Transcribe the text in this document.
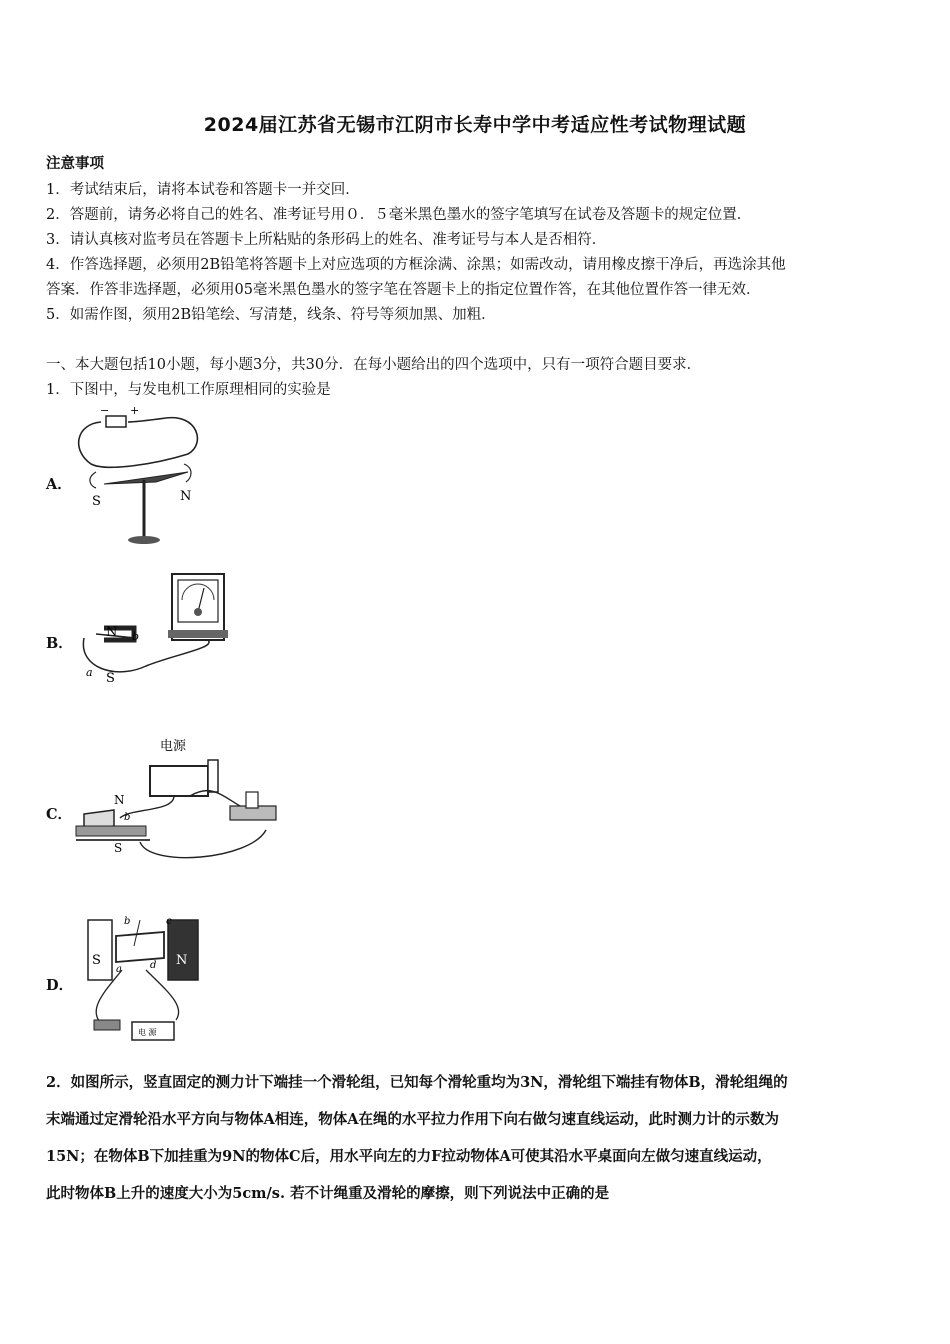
2024届江苏省无锡市江阴市长寿中学中考适应性考试物理试题
注意事项
1．考试结束后，请将本试卷和答题卡一并交回．
2．答题前，请务必将自己的姓名、准考证号用０．５毫米黑色墨水的签字笔填写在试卷及答题卡的规定位置．
3．请认真核对监考员在答题卡上所粘贴的条形码上的姓名、准考证号与本人是否相符．
4．作答选择题，必须用2B铅笔将答题卡上对应选项的方框涂满、涂黑；如需改动，请用橡皮擦干净后，再选涂其他
答案．作答非选择题，必须用05毫米黑色墨水的签字笔在答题卡上的指定位置作答，在其他位置作答一律无效．
5．如需作图，须用2B铅笔绘、写清楚，线条、符号等须加黑、加粗．
一、本大题包括10小题，每小题3分，共30分．在每小题给出的四个选项中，只有一项符合题目要求．
1．下图中，与发电机工作原理相同的实验是
A．
− +
S	N
B．
N b
a S
C．
电源
N
b
S
D．
b	c
S	N
a	d
电 源
2．如图所示，竖直固定的测力计下端挂一个滑轮组，已知每个滑轮重均为3N，滑轮组下端挂有物体B，滑轮组绳的
末端通过定滑轮沿水平方向与物体A相连，物体A在绳的水平拉力作用下向右做匀速直线运动，此时测力计的示数为
15N；在物体B下加挂重为9N的物体C后，用水平向左的力F拉动物体A可使其沿水平桌面向左做匀速直线运动，
此时物体B上升的速度大小为5cm/s. 若不计绳重及滑轮的摩擦，则下列说法中正确的是
